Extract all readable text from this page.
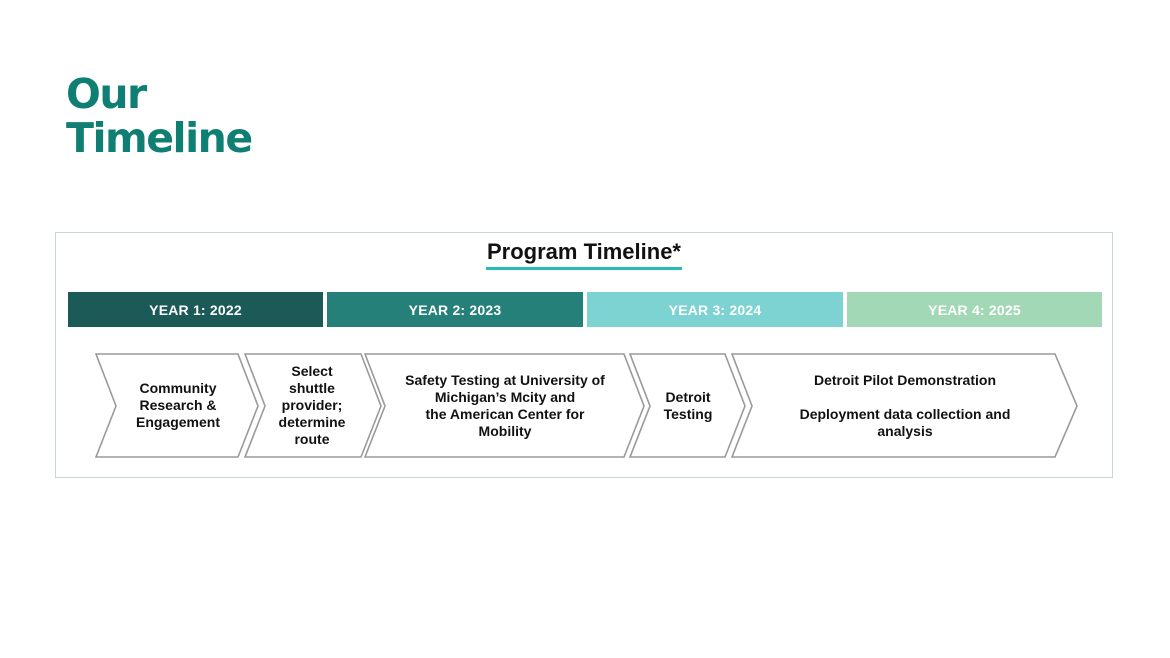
Our
Timeline
Program Timeline*
YEAR 1: 2022	YEAR 2: 2023	YEAR 3: 2024	YEAR 4: 2025
Community
Research &
Engagement
Select
shuttle
provider;
determine
route
Safety Testing at University of
Michigan’s Mcity and
the American Center for
Mobility
Detroit
Testing
Detroit Pilot Demonstration

Deployment data collection and
analysis
